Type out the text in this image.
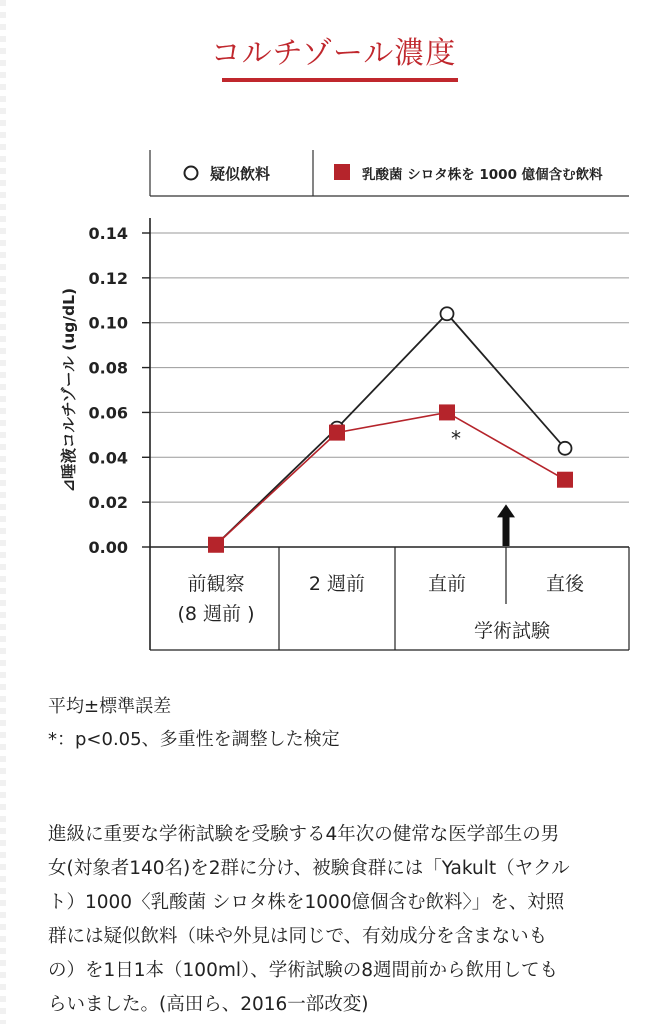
コルチゾール濃度
疑似飲料	乳酸菌 シロタ株を 1000 億個含む飲料
0.14
0.12
0.10
0.08
0.06
0.04
0.02
0.00
前観察
(8 週前 )
2 週前	直前	直後
学術試験
⊿唾液コルチゾール (ug/dL)	*
平均±標準誤差
*：p<0.05、多重性を調整した検定
進級に重要な学術試験を受験する4年次の健常な医学部生の男
女(対象者140名)を2群に分け、被験食群には「Yakult（ヤクル
ト）1000〈乳酸菌 シロタ株を1000億個含む飲料〉」を、対照
群には疑似飲料（味や外見は同じで、有効成分を含まないも
の）を1日1本（100ml）、学術試験の8週間前から飲用しても
らいました。(高田ら、2016一部改変)
